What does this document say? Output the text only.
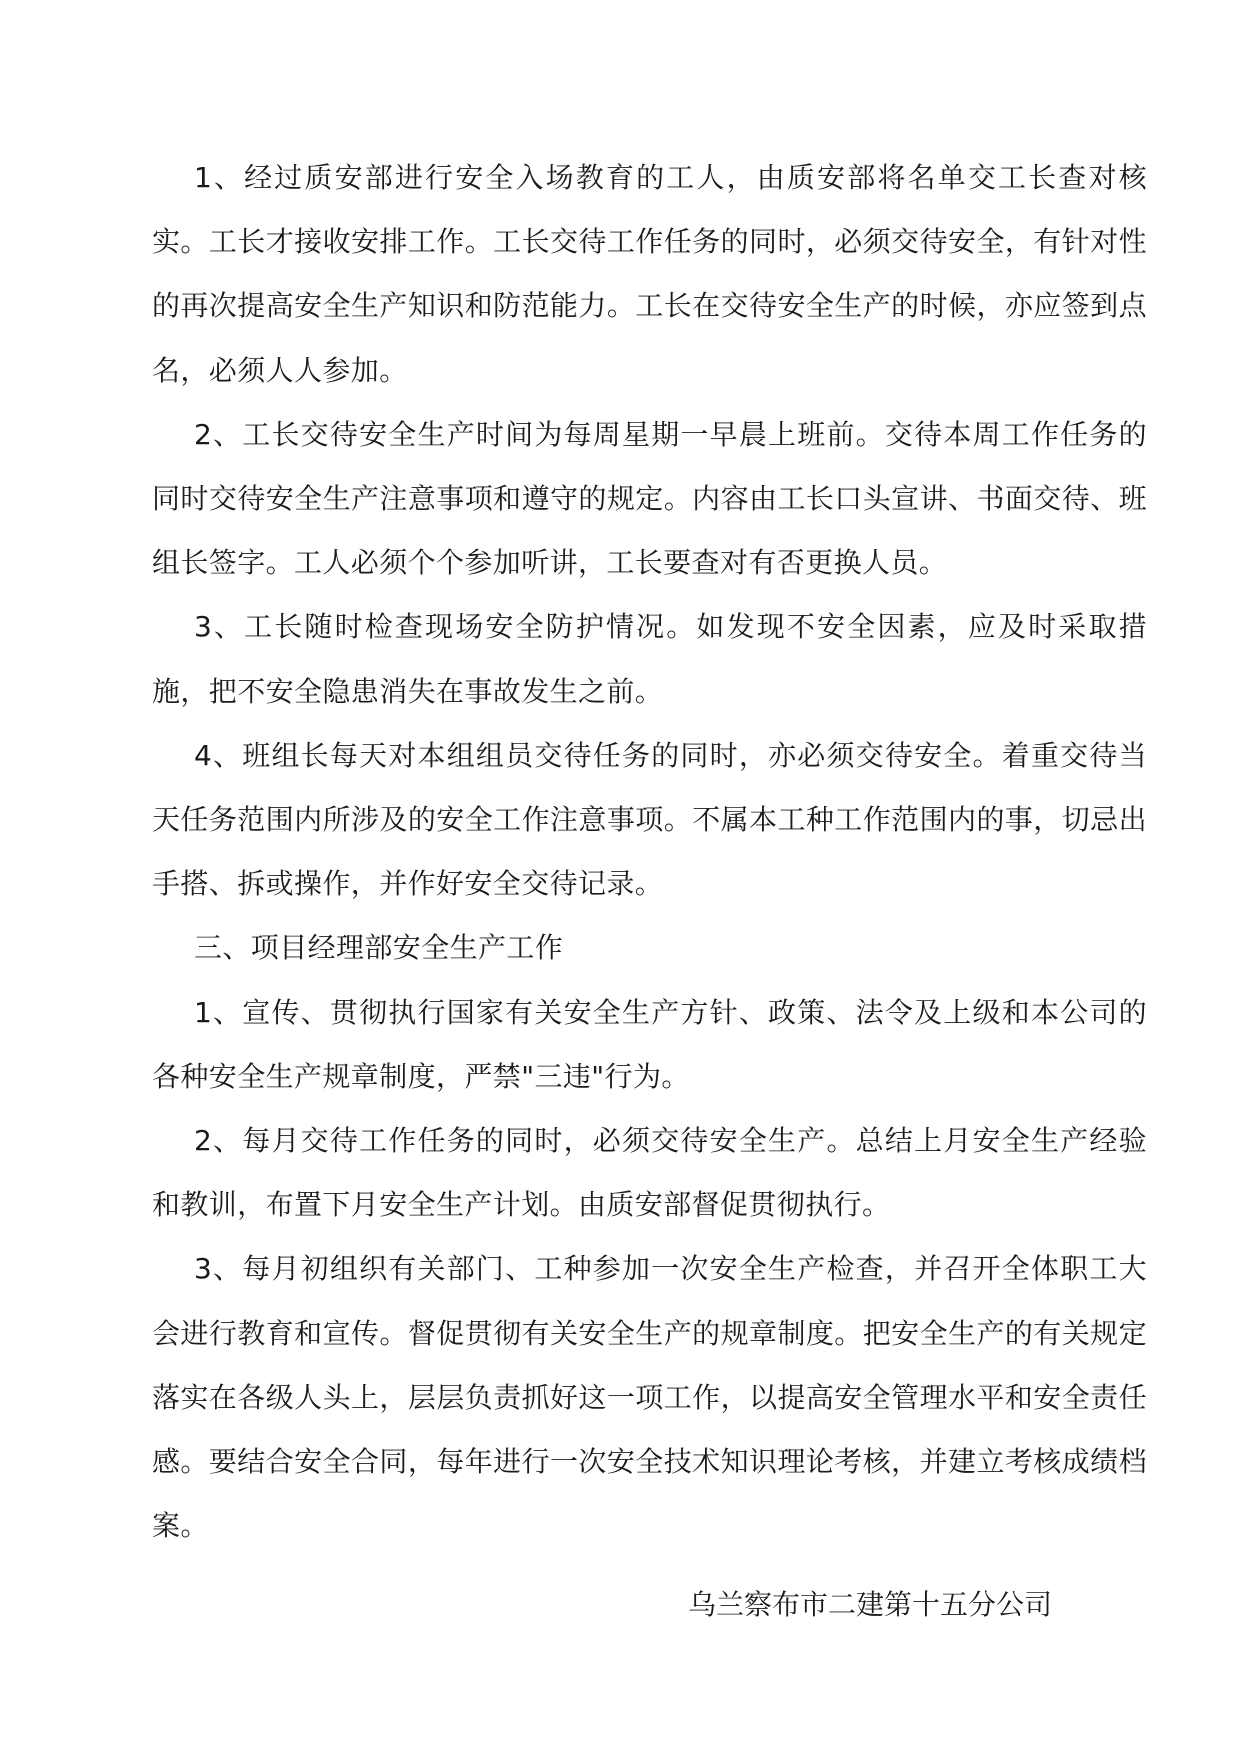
1、经过质安部进行安全入场教育的工人，由质安部将名单交工长查对核实。工长才接收安排工作。工长交待工作任务的同时，必须交待安全，有针对性的再次提高安全生产知识和防范能力。工长在交待安全生产的时候，亦应签到点名，必须人人参加。

2、工长交待安全生产时间为每周星期一早晨上班前。交待本周工作任务的同时交待安全生产注意事项和遵守的规定。内容由工长口头宣讲、书面交待、班组长签字。工人必须个个参加听讲，工长要查对有否更换人员。

3、工长随时检查现场安全防护情况。如发现不安全因素，应及时采取措施，把不安全隐患消失在事故发生之前。

4、班组长每天对本组组员交待任务的同时，亦必须交待安全。着重交待当天任务范围内所涉及的安全工作注意事项。不属本工种工作范围内的事，切忌出手搭、拆或操作，并作好安全交待记录。

三、项目经理部安全生产工作

1、宣传、贯彻执行国家有关安全生产方针、政策、法令及上级和本公司的各种安全生产规章制度，严禁"三违"行为。

2、每月交待工作任务的同时，必须交待安全生产。总结上月安全生产经验和教训，布置下月安全生产计划。由质安部督促贯彻执行。

3、每月初组织有关部门、工种参加一次安全生产检查，并召开全体职工大会进行教育和宣传。督促贯彻有关安全生产的规章制度。把安全生产的有关规定落实在各级人头上，层层负责抓好这一项工作，以提高安全管理水平和安全责任感。要结合安全合同，每年进行一次安全技术知识理论考核，并建立考核成绩档案。

乌兰察布市二建第十五分公司
